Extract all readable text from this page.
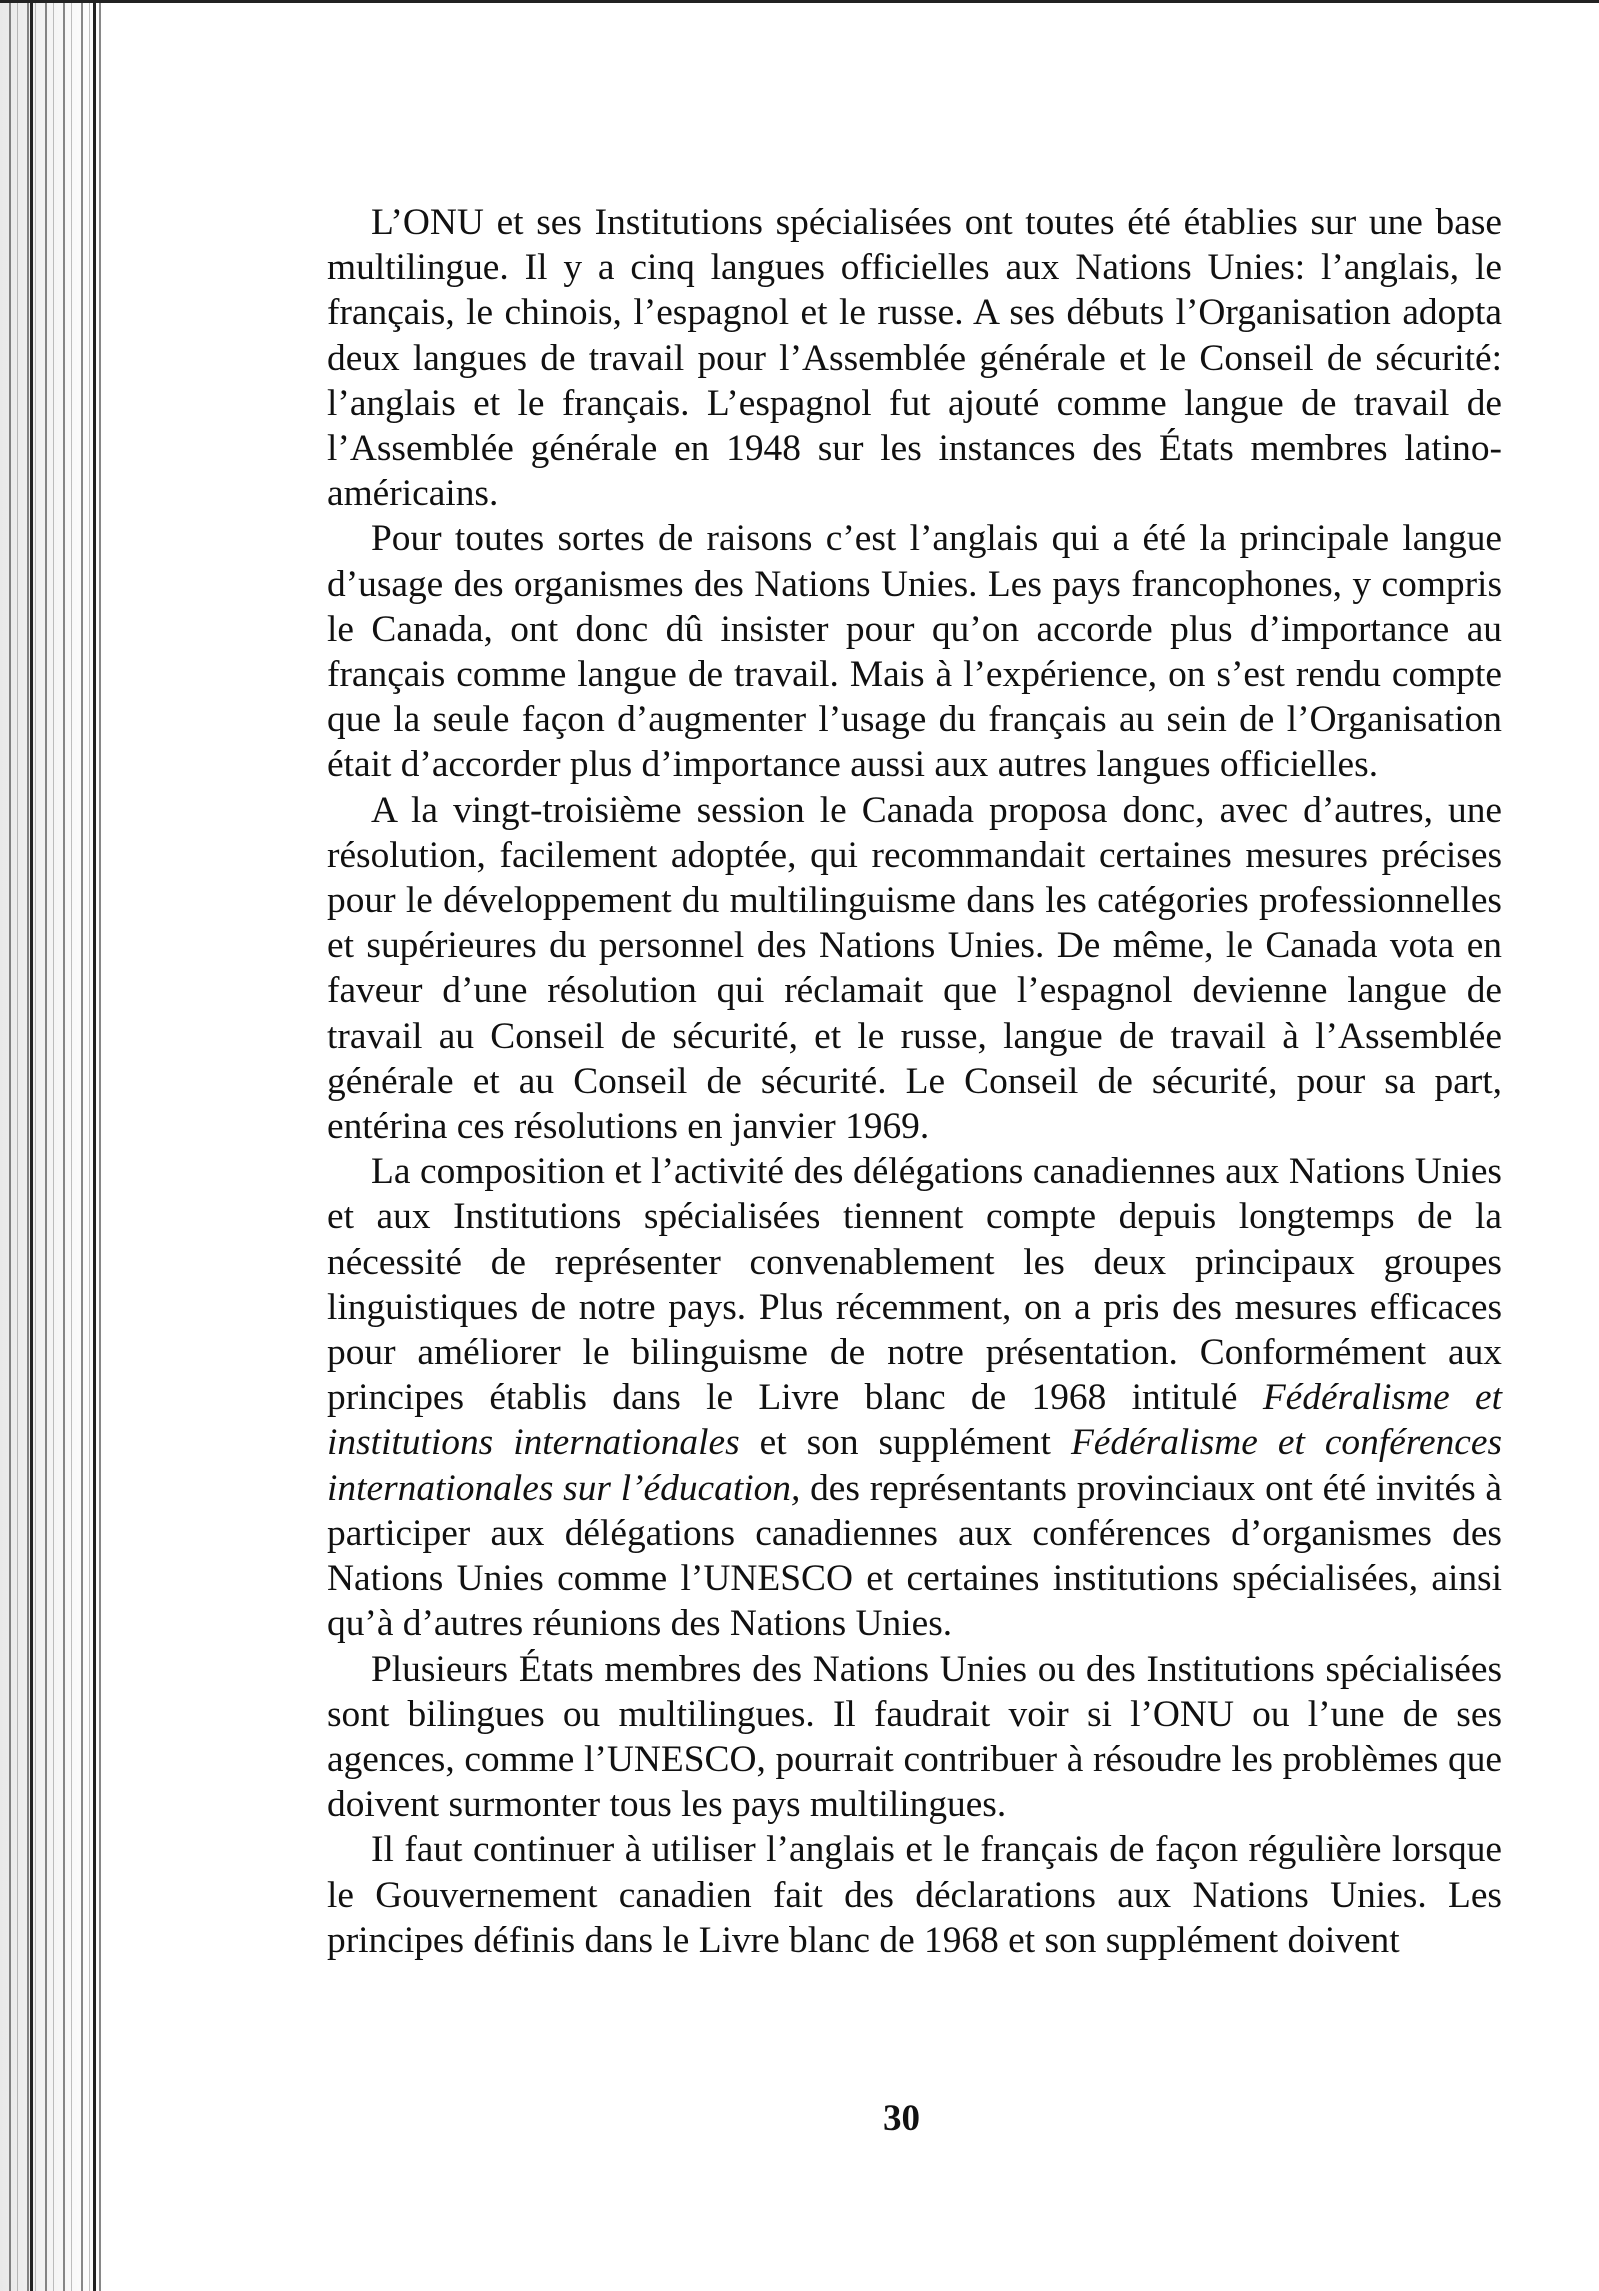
L’ONU et ses Institutions spécialisées ont toutes été établies sur une base multilingue. Il y a cinq langues officielles aux Nations Unies: l’anglais, le français, le chinois, l’espagnol et le russe. A ses débuts l’Organisation adopta deux langues de travail pour l’Assemblée générale et le Conseil de sécurité: l’anglais et le français. L’espagnol fut ajouté comme langue de travail de l’Assemblée générale en 1948 sur les instances des États membres latino-américains.

Pour toutes sortes de raisons c’est l’anglais qui a été la principale langue d’usage des organismes des Nations Unies. Les pays francophones, y compris le Canada, ont donc dû insister pour qu’on accorde plus d’importance au français comme langue de travail. Mais à l’expérience, on s’est rendu compte que la seule façon d’augmenter l’usage du français au sein de l’Organisation était d’accorder plus d’importance aussi aux autres langues officielles.

A la vingt-troisième session le Canada proposa donc, avec d’autres, une résolution, facilement adoptée, qui recommandait certaines mesures précises pour le développement du multilinguisme dans les catégories professionnelles et supérieures du personnel des Nations Unies. De même, le Canada vota en faveur d’une résolution qui réclamait que l’espagnol devienne langue de travail au Conseil de sécurité, et le russe, langue de travail à l’Assemblée générale et au Conseil de sécurité. Le Conseil de sécurité, pour sa part, entérina ces résolutions en janvier 1969.

La composition et l’activité des délégations canadiennes aux Nations Unies et aux Institutions spécialisées tiennent compte depuis longtemps de la nécessité de représenter convenablement les deux principaux groupes linguistiques de notre pays. Plus récemment, on a pris des mesures efficaces pour améliorer le bilinguisme de notre présentation. Conformément aux principes établis dans le Livre blanc de 1968 intitulé Fédéralisme et institutions internationales et son supplément Fédéralisme et conférences internationales sur l’éducation, des représentants provinciaux ont été invités à participer aux délégations canadiennes aux conférences d’organismes des Nations Unies comme l’UNESCO et certaines institutions spécialisées, ainsi qu’à d’autres réunions des Nations Unies.

Plusieurs États membres des Nations Unies ou des Institutions spécialisées sont bilingues ou multilingues. Il faudrait voir si l’ONU ou l’une de ses agences, comme l’UNESCO, pourrait contribuer à résoudre les problèmes que doivent surmonter tous les pays multilingues.

Il faut continuer à utiliser l’anglais et le français de façon régulière lorsque le Gouvernement canadien fait des déclarations aux Nations Unies. Les principes définis dans le Livre blanc de 1968 et son supplément doivent

30
